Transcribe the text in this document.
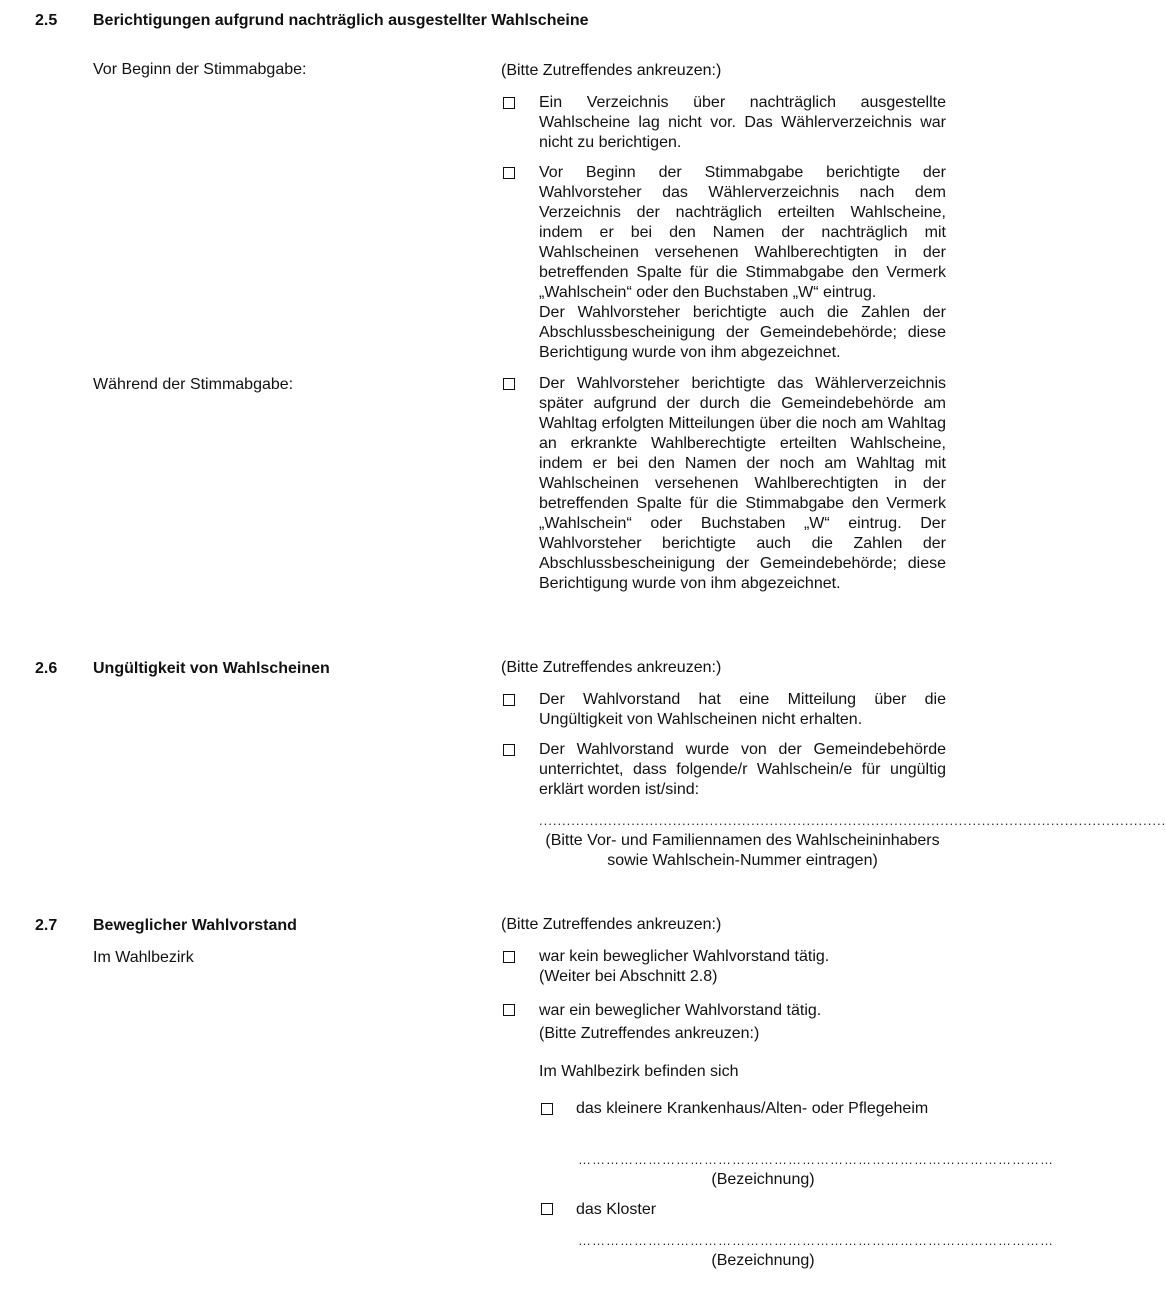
2.5 Berichtigungen aufgrund nachträglich ausgestellter Wahlscheine
Vor Beginn der Stimmabgabe:	(Bitte Zutreffendes ankreuzen:)
Ein Verzeichnis über nachträglich ausgestellte Wahlscheine lag nicht vor. Das Wählerverzeichnis war nicht zu berichtigen.
Vor Beginn der Stimmabgabe berichtigte der Wahlvorsteher das Wählerverzeichnis nach dem Verzeichnis der nachträglich erteilten Wahlscheine, indem er bei den Namen der nachträglich mit Wahlscheinen versehenen Wahlberechtigten in der betreffenden Spalte für die Stimmabgabe den Vermerk „Wahlschein“ oder den Buchstaben „W“ eintrug.
Der Wahlvorsteher berichtigte auch die Zahlen der Abschlussbescheinigung der Gemeindebehörde; diese Berichtigung wurde von ihm abgezeichnet.
Während der Stimmabgabe:	Der Wahlvorsteher berichtigte das Wählerverzeichnis später aufgrund der durch die Gemeindebehörde am Wahltag erfolgten Mitteilungen über die noch am Wahltag an erkrankte Wahlberechtigte erteilten Wahlscheine, indem er bei den Namen der noch am Wahltag mit Wahlscheinen versehenen Wahlberechtigten in der betreffenden Spalte für die Stimmabgabe den Vermerk „Wahlschein“ oder Buchstaben „W“ eintrug. Der Wahlvorsteher berichtigte auch die Zahlen der Abschlussbescheinigung der Gemeindebehörde; diese Berichtigung wurde von ihm abgezeichnet.
2.6 Ungültigkeit von Wahlscheinen	(Bitte Zutreffendes ankreuzen:)
Der Wahlvorstand hat eine Mitteilung über die Ungültigkeit von Wahlscheinen nicht erhalten.
Der Wahlvorstand wurde von der Gemeindebehörde unterrichtet, dass folgende/r Wahlschein/e für ungültig erklärt worden ist/sind:
........................................................................................................................................
(Bitte Vor- und Familiennamen des Wahlscheininhabers sowie Wahlschein-Nummer eintragen)
2.7 Beweglicher Wahlvorstand
Im Wahlbezirk
(Bitte Zutreffendes ankreuzen:)
war kein beweglicher Wahlvorstand tätig.
(Weiter bei Abschnitt 2.8)
war ein beweglicher Wahlvorstand tätig.
(Bitte Zutreffendes ankreuzen:)
Im Wahlbezirk befinden sich
das kleinere Krankenhaus/Alten- oder Pflegeheim
…………………………………………………………………………………………
(Bezeichnung)
das Kloster
…………………………………………………………………………………………
(Bezeichnung)
